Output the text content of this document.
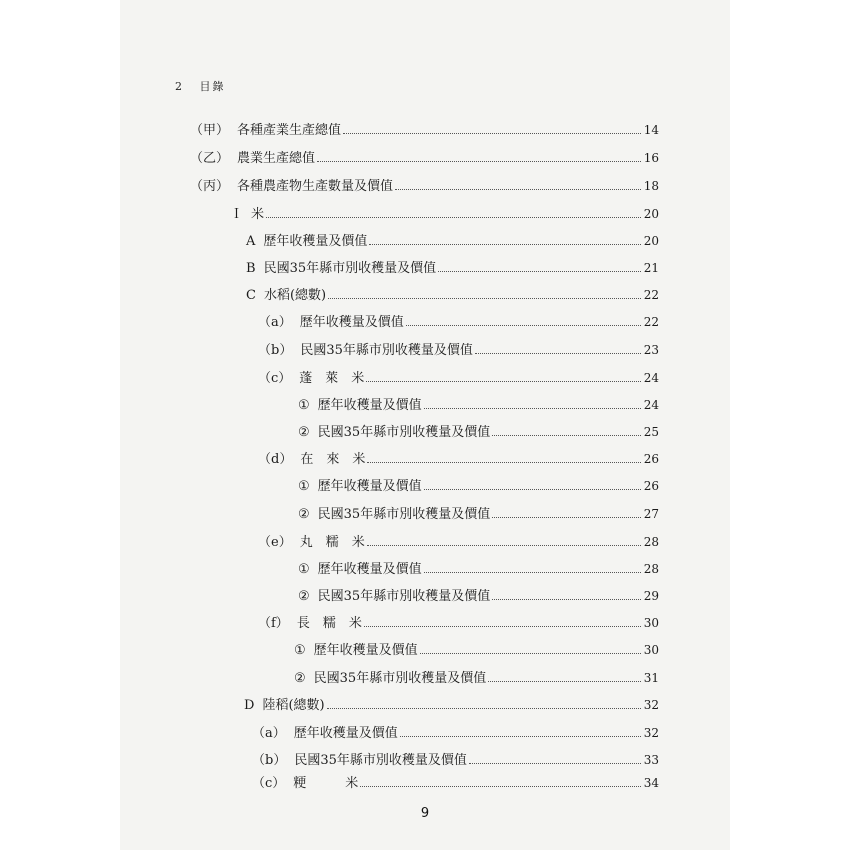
2 目錄
（甲） 各種產業生產總值	14
（乙） 農業生產總值	16
（丙） 各種農產物生產數量及價值	18
Ｉ 米	20
A 歷年收穫量及價值	20
B 民國35年縣市別收穫量及價值	21
C 水稻(總數)	22
（a） 歷年收穫量及價值	22
（b） 民國35年縣市別收穫量及價值	23
（c） 蓬　萊　米	24
① 歷年收穫量及價值	24
② 民國35年縣市別收穫量及價值	25
（d） 在　來　米	26
① 歷年收穫量及價值	26
② 民國35年縣市別收穫量及價值	27
（e） 丸　糯　米	28
① 歷年收穫量及價值	28
② 民國35年縣市別收穫量及價值	29
（f） 長　糯　米	30
① 歷年收穫量及價值	30
② 民國35年縣市別收穫量及價值	31
D 陸稻(總數)	32
（a） 歷年收穫量及價值	32
（b） 民國35年縣市別收穫量及價值	33
（c） 粳　　　米	34
9
